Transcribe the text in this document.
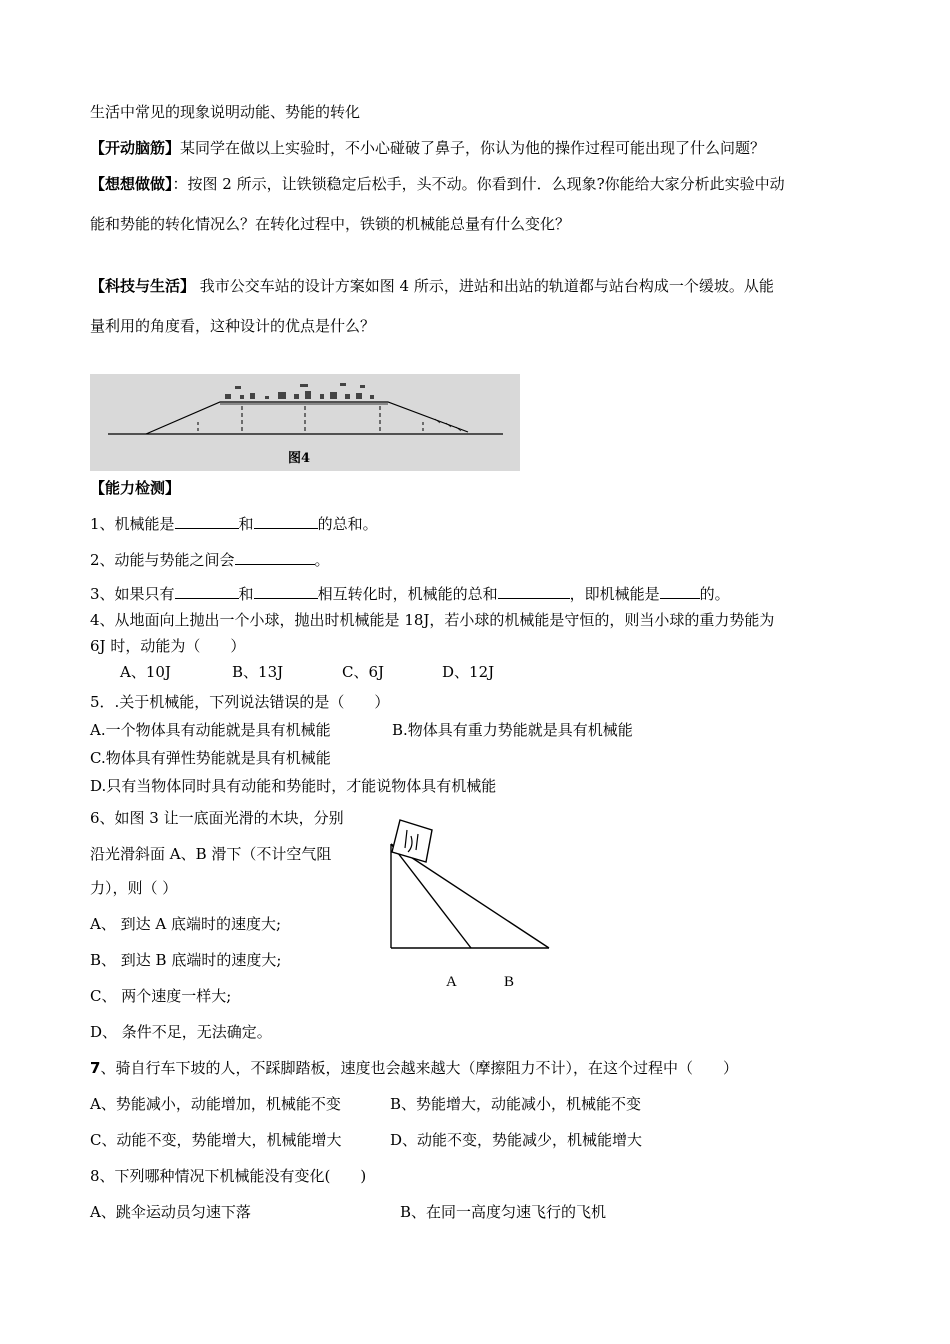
生活中常见的现象说明动能、势能的转化
【开动脑筋】某同学在做以上实验时，不小心碰破了鼻子，你认为他的操作过程可能出现了什么问题？
【想想做做】：按图 2 所示，让铁锁稳定后松手，头不动。你看到什．么现象?你能给大家分析此实验中动
能和势能的转化情况么？在转化过程中，铁锁的机械能总量有什么变化？
【科技与生活】 我市公交车站的设计方案如图 4 所示，进站和出站的轨道都与站台构成一个缓坡。从能
量利用的角度看，这种设计的优点是什么？
图4
【能力检测】
1、机械能是	和	的总和。
2、动能与势能之间会	。
3、如果只有	和	相互转化时，机械能的总和	，即机械能是	的。
4、从地面向上抛出一个小球，抛出时机械能是 18J，若小球的机械能是守恒的，则当小球的重力势能为
6J 时，动能为（　　）
A、10J	B、13J	C、6J	D、12J
5．.关于机械能，下列说法错误的是（　　）
A.一个物体具有动能就是具有机械能	B.物体具有重力势能就是具有机械能
C.物体具有弹性势能就是具有机械能
D.只有当物体同时具有动能和势能时，才能说物体具有机械能
6、如图 3 让一底面光滑的木块，分别
沿光滑斜面 A、B 滑下（不计空气阻
力），则（ ）
A、 到达 A 底端时的速度大;
B、 到达 B 底端时的速度大;
C、 两个速度一样大;
D、 条件不足，无法确定。
A	B
7、骑自行车下坡的人，不踩脚踏板，速度也会越来越大（摩擦阻力不计），在这个过程中（　　）
A、势能减小，动能增加，机械能不变	B、势能增大，动能减小，机械能不变
C、动能不变，势能增大，机械能增大	D、动能不变，势能减少，机械能增大
8、下列哪种情况下机械能没有变化(　　)
A、跳伞运动员匀速下落	B、在同一高度匀速飞行的飞机
